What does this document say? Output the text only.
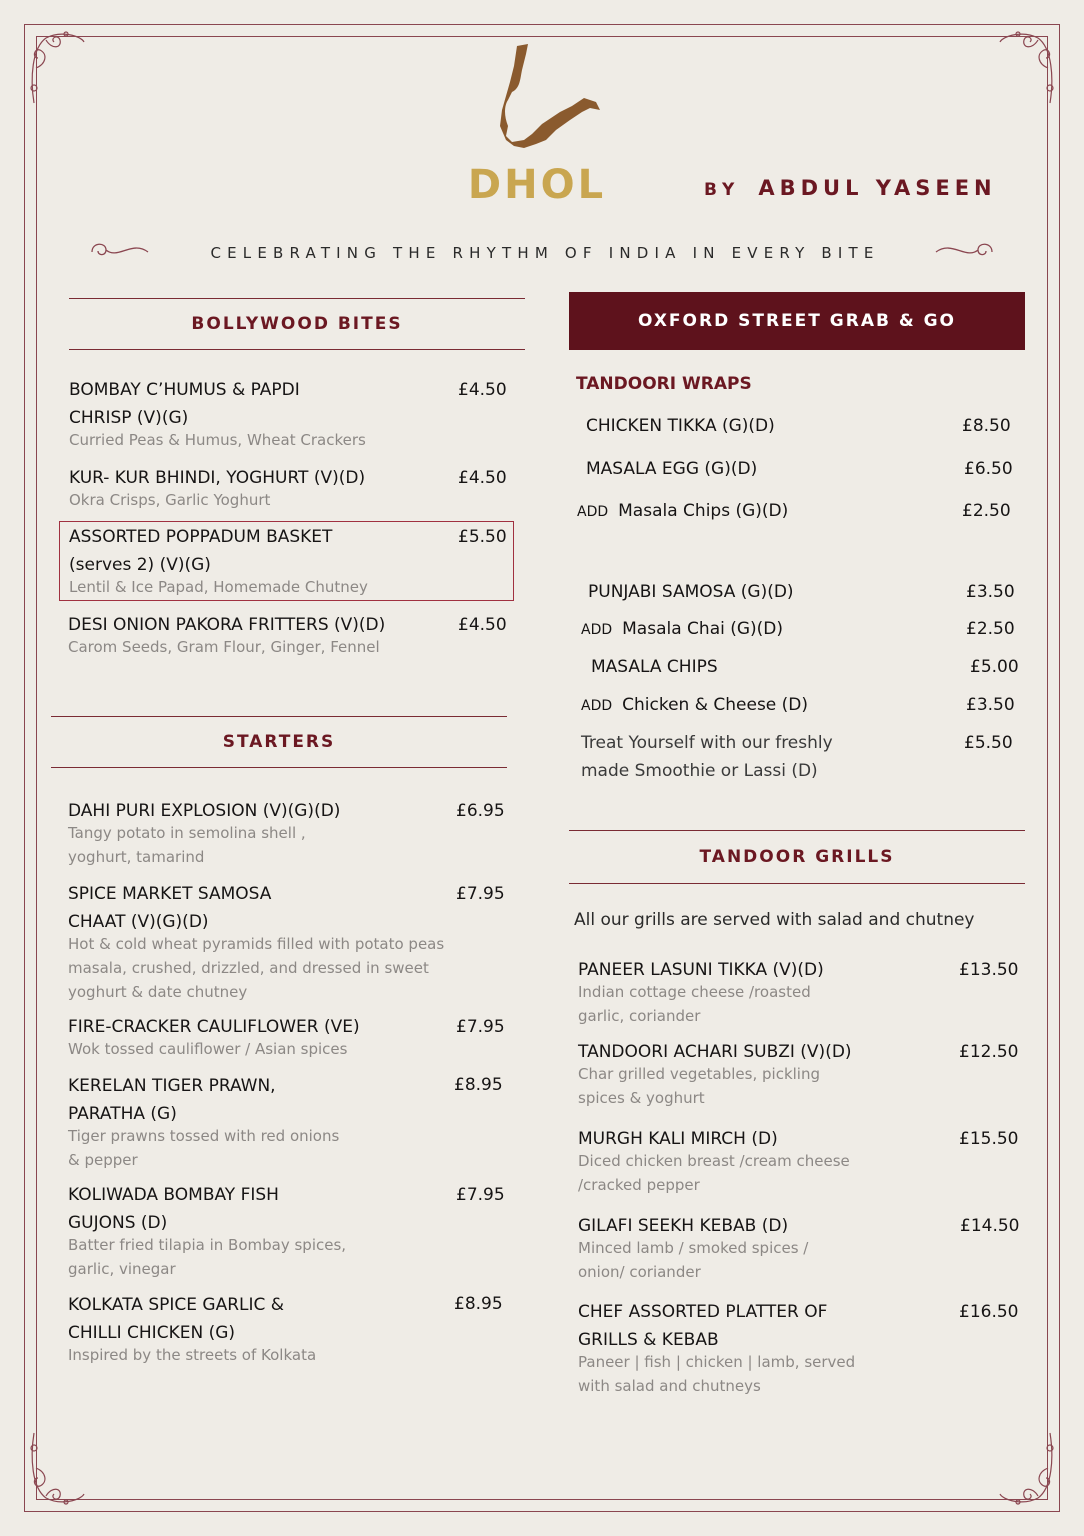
DHOL	BY ABDUL YASEEN
CELEBRATING THE RHYTHM OF INDIA IN EVERY BITE
BOLLYWOOD BITES
BOMBAY C’HUMUS & PAPDI
CHRISP (V)(G)
Curried Peas & Humus, Wheat Crackers
£4.50
KUR- KUR BHINDI, YOGHURT (V)(D)
Okra Crisps, Garlic Yoghurt
£4.50
ASSORTED POPPADUM BASKET
(serves 2) (V)(G)
Lentil & Ice Papad, Homemade Chutney
£5.50
DESI ONION PAKORA FRITTERS (V)(D)
Carom Seeds, Gram Flour, Ginger, Fennel
£4.50
STARTERS
DAHI PURI EXPLOSION (V)(G)(D)
Tangy potato in semolina shell ,
yoghurt, tamarind
£6.95
SPICE MARKET SAMOSA
CHAAT (V)(G)(D)
Hot & cold wheat pyramids filled with potato peas
masala, crushed, drizzled, and dressed in sweet
yoghurt & date chutney
£7.95
FIRE-CRACKER CAULIFLOWER (VE)
Wok tossed cauliflower / Asian spices
£7.95
KERELAN TIGER PRAWN,
PARATHA (G)
Tiger prawns tossed with red onions
& pepper
£8.95
KOLIWADA BOMBAY FISH
GUJONS (D)
Batter fried tilapia in Bombay spices,
garlic, vinegar
£7.95
KOLKATA SPICE GARLIC &
CHILLI CHICKEN (G)
Inspired by the streets of Kolkata
£8.95
OXFORD STREET GRAB & GO
TANDOORI WRAPS
CHICKEN TIKKA (G)(D)	£8.50
MASALA EGG (G)(D)	£6.50
ADD Masala Chips (G)(D)	£2.50
PUNJABI SAMOSA (G)(D)	£3.50
ADD Masala Chai (G)(D)	£2.50
MASALA CHIPS	£5.00
ADD Chicken & Cheese (D)	£3.50
Treat Yourself with our freshly
made Smoothie or Lassi (D)
£5.50
TANDOOR GRILLS
All our grills are served with salad and chutney
PANEER LASUNI TIKKA (V)(D)
Indian cottage cheese /roasted
garlic, coriander
£13.50
TANDOORI ACHARI SUBZI (V)(D)
Char grilled vegetables, pickling
spices & yoghurt
£12.50
MURGH KALI MIRCH (D)
Diced chicken breast /cream cheese
/cracked pepper
£15.50
GILAFI SEEKH KEBAB (D)
Minced lamb / smoked spices /
onion/ coriander
£14.50
CHEF ASSORTED PLATTER OF
GRILLS & KEBAB
Paneer | fish | chicken | lamb, served
with salad and chutneys
£16.50
